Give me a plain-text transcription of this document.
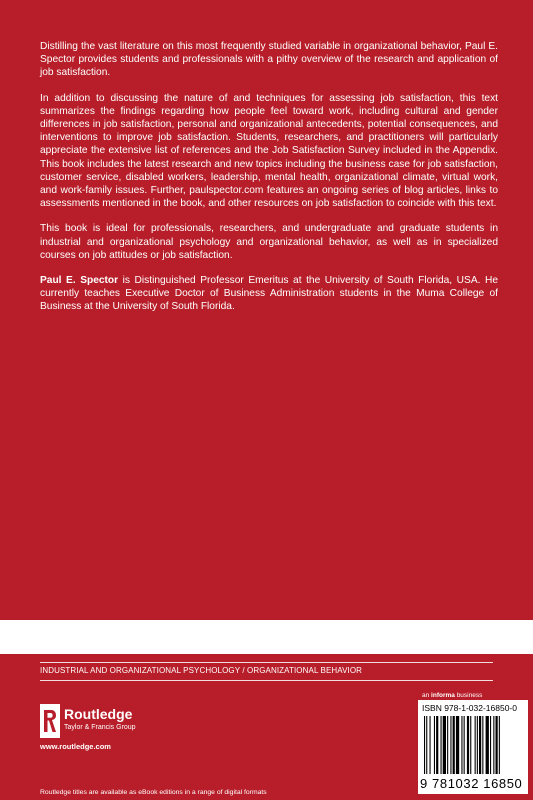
Distilling the vast literature on this most frequently studied variable in organizational behavior, Paul E. Spector provides students and professionals with a pithy overview of the research and application of job satisfaction.

In addition to discussing the nature of and techniques for assessing job satisfaction, this text summarizes the findings regarding how people feel toward work, including cultural and gender differences in job satisfaction, personal and organizational antecedents, potential consequences, and interventions to improve job satisfaction. Students, researchers, and practitioners will particularly appreciate the extensive list of references and the Job Satisfaction Survey included in the Appendix. This book includes the latest research and new topics including the business case for job satisfaction, customer service, disabled workers, leadership, mental health, organizational climate, virtual work, and work-family issues. Further, paulspector.com features an ongoing series of blog articles, links to assessments mentioned in the book, and other resources on job satisfaction to coincide with this text.

This book is ideal for professionals, researchers, and undergraduate and graduate students in industrial and organizational psychology and organizational behavior, as well as in specialized courses on job attitudes or job satisfaction.

Paul E. Spector is Distinguished Professor Emeritus at the University of South Florida, USA. He currently teaches Executive Doctor of Business Administration students in the Muma College of Business at the University of South Florida.

INDUSTRIAL AND ORGANIZATIONAL PSYCHOLOGY / ORGANIZATIONAL BEHAVIOR
an informa business
Routledge
Taylor & Francis Group
www.routledge.com
Routledge titles are available as eBook editions in a range of digital formats
ISBN 978-1-032-16850-0
9 781032 16850
